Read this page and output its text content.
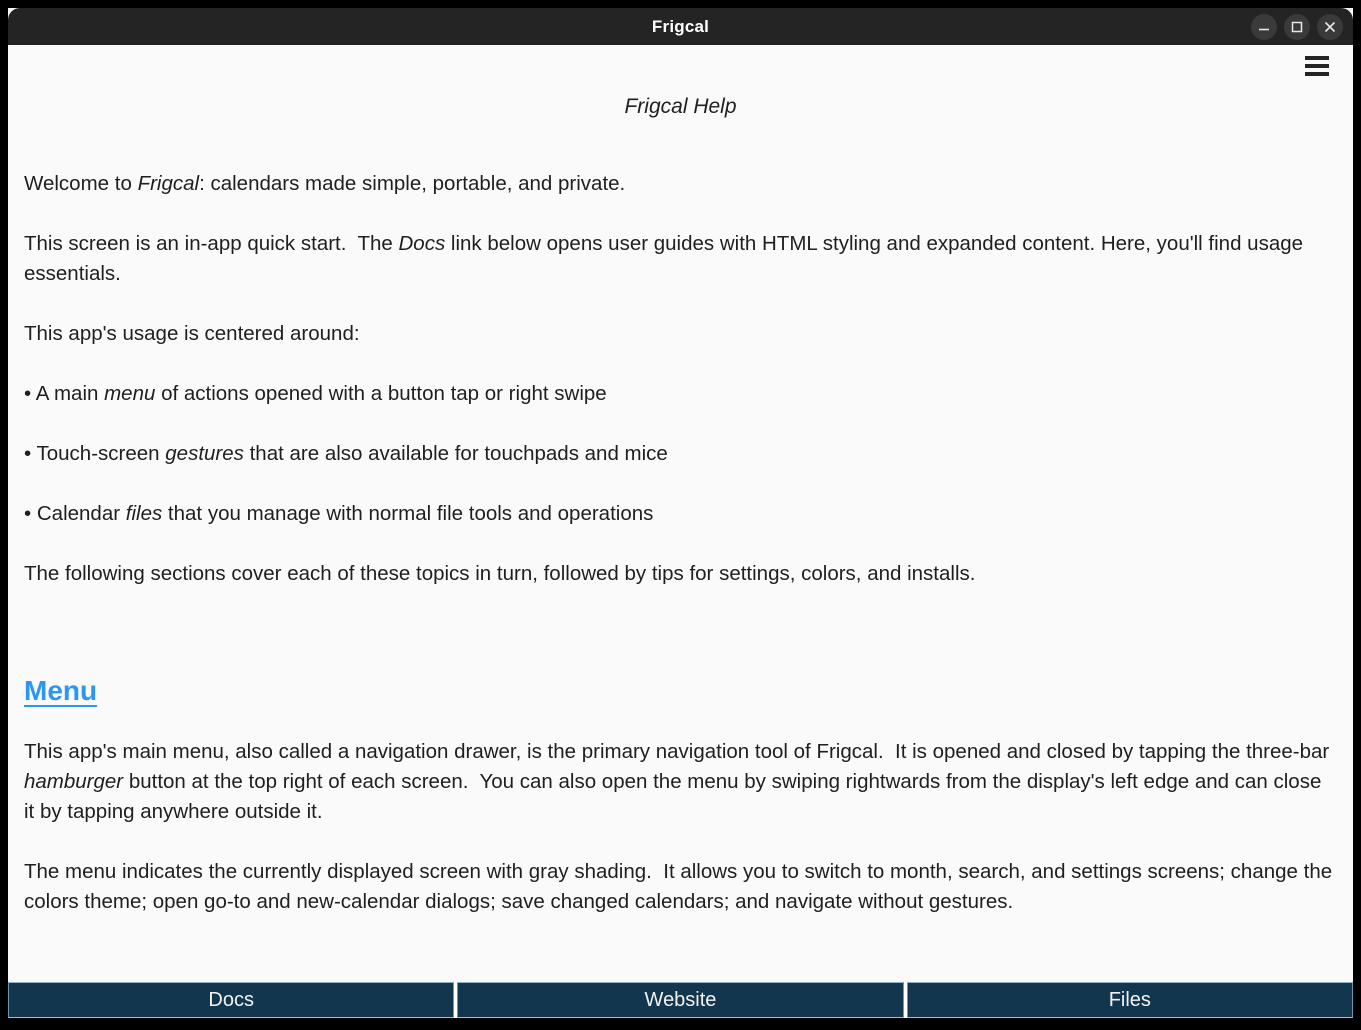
Frigcal
Frigcal Help

Welcome to Frigcal: calendars made simple, portable, and private.

This screen is an in-app quick start.  The Docs link below opens user guides with HTML styling and expanded content. Here, you'll find usage essentials.

This app's usage is centered around:

• A main menu of actions opened with a button tap or right swipe

• Touch-screen gestures that are also available for touchpads and mice

• Calendar files that you manage with normal file tools and operations

The following sections cover each of these topics in turn, followed by tips for settings, colors, and installs.

Menu

This app's main menu, also called a navigation drawer, is the primary navigation tool of Frigcal.  It is opened and closed by tapping the three-bar hamburger button at the top right of each screen.  You can also open the menu by swiping rightwards from the display's left edge and can close it by tapping anywhere outside it.

The menu indicates the currently displayed screen with gray shading.  It allows you to switch to month, search, and settings screens; change the colors theme; open go-to and new-calendar dialogs; save changed calendars; and navigate without gestures.

Docs	Website	Files
